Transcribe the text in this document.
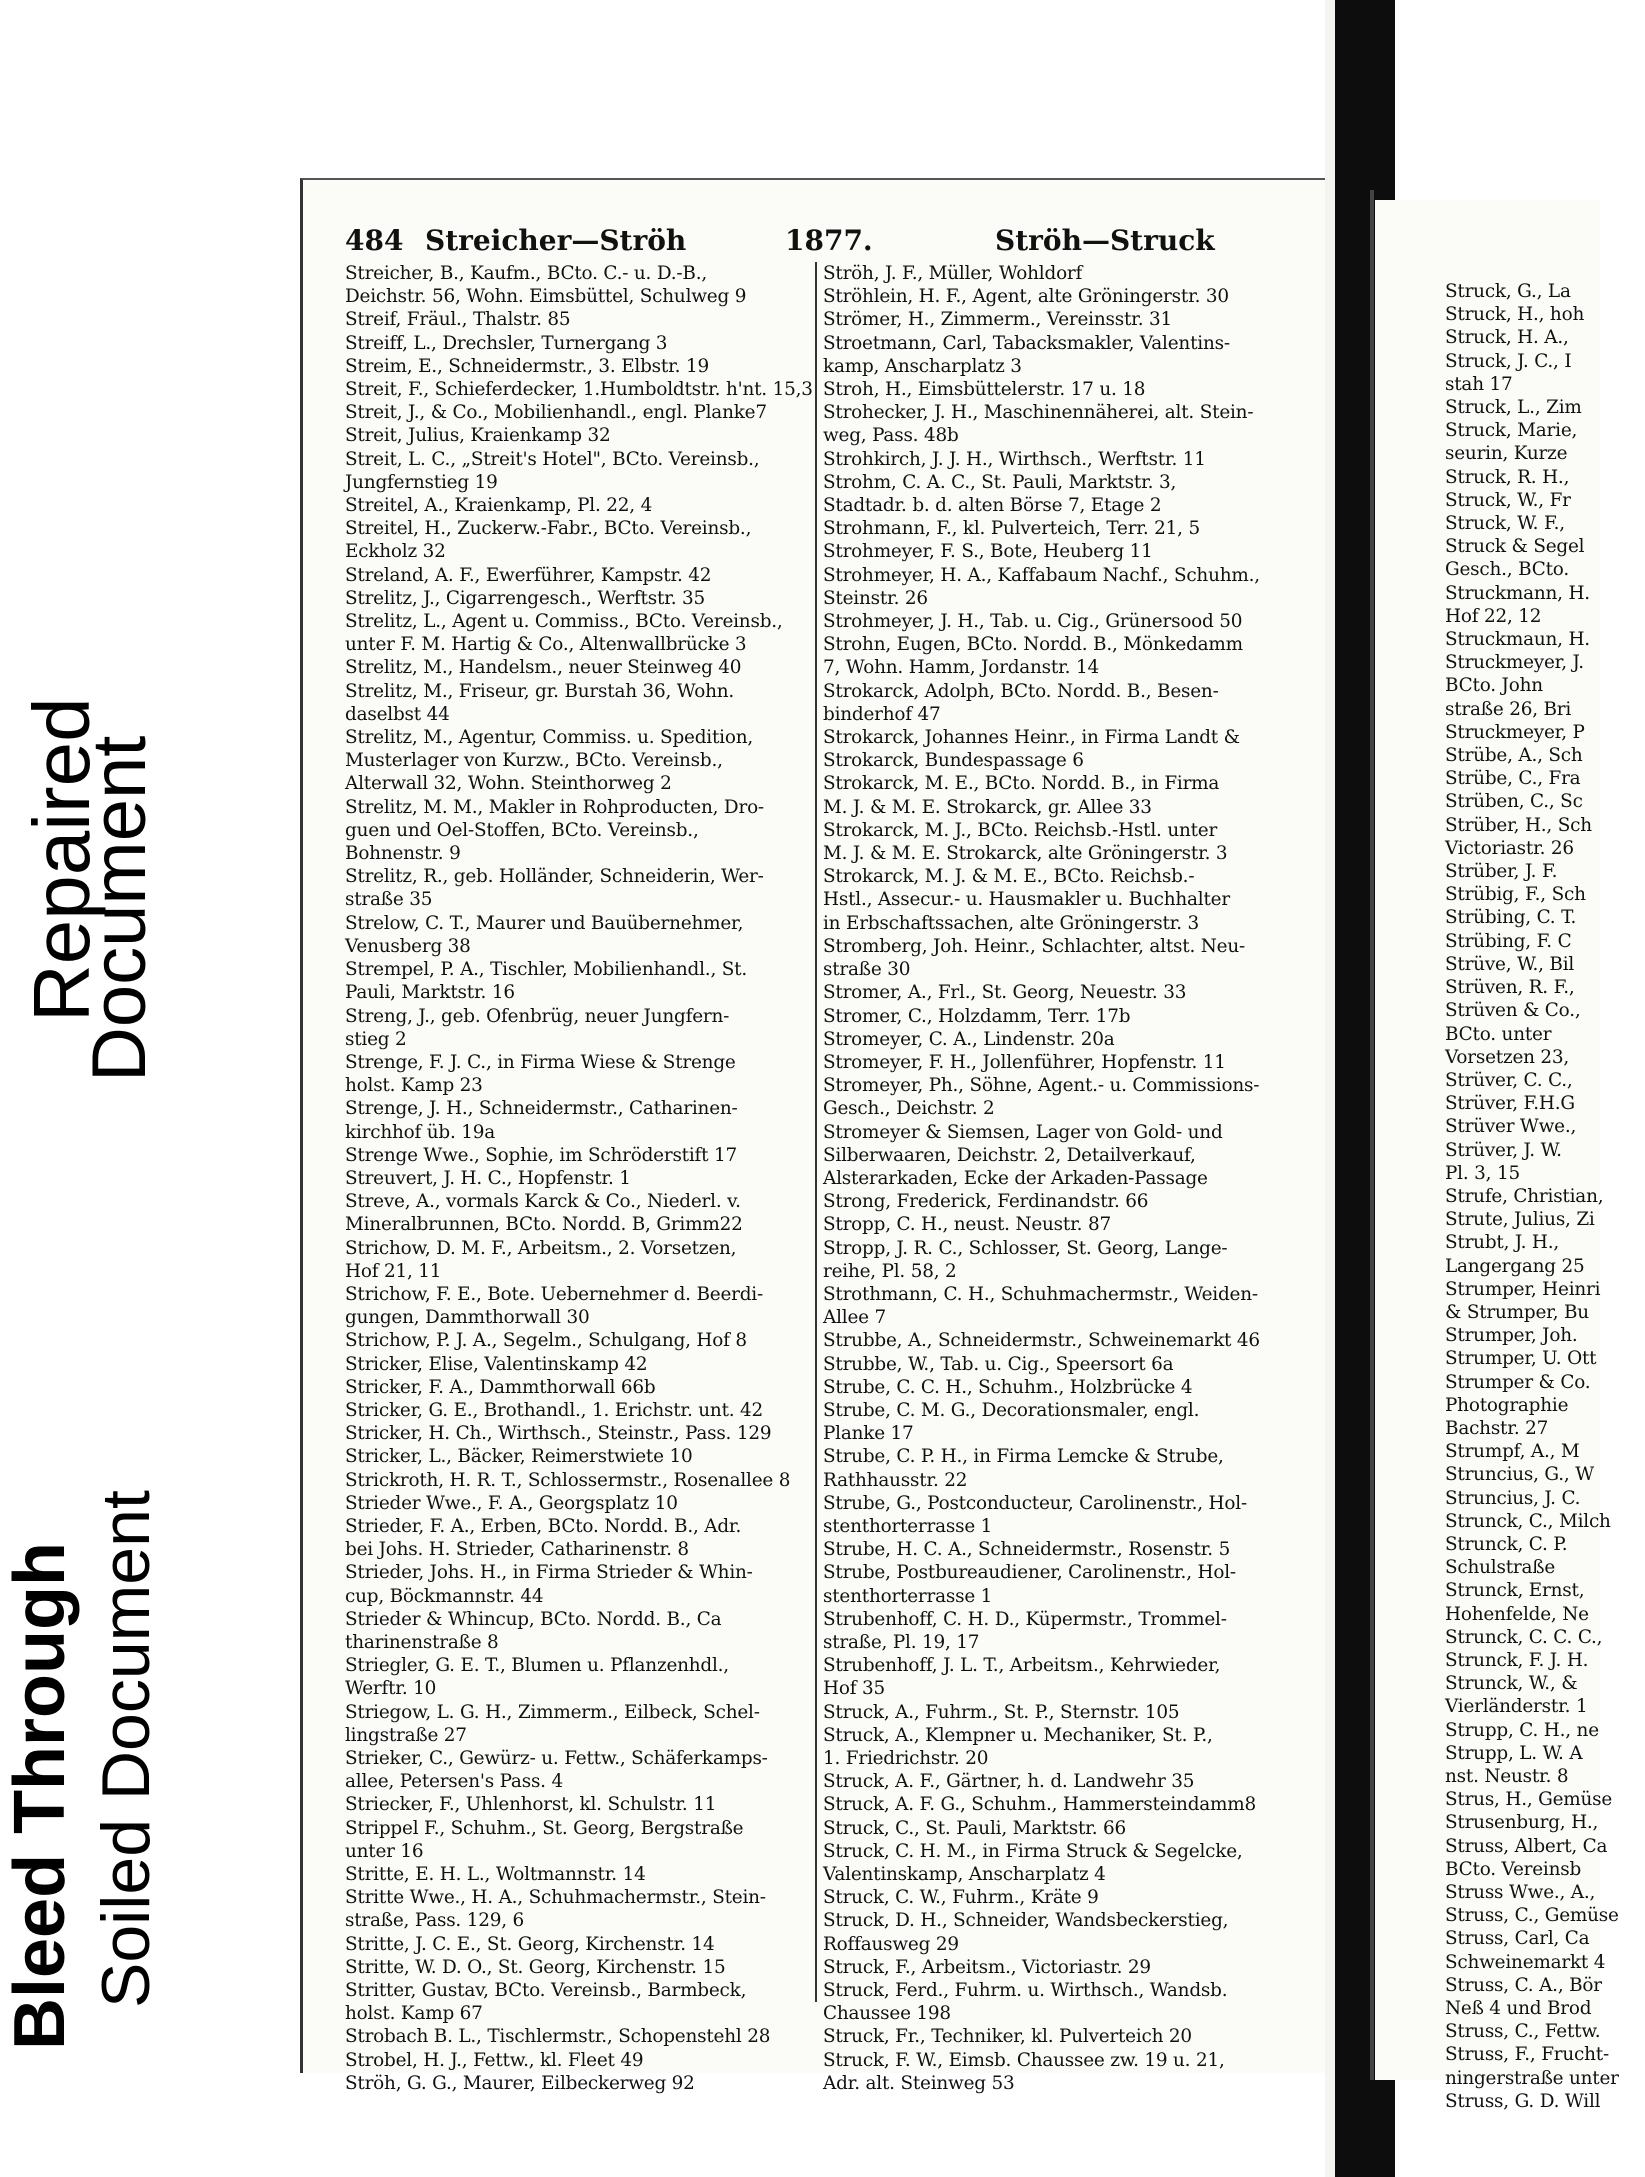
Repaired
Document
Bleed Through Soiled Document
484 Streicher—Ströh	1877.	Ströh—Struck
Streicher, B., Kaufm., BCto. C.- u. D.-B.,
Deichstr. 56, Wohn. Eimsbüttel, Schulweg 9
Streif, Fräul., Thalstr. 85
Streiff, L., Drechsler, Turnergang 3
Streim, E., Schneidermstr., 3. Elbstr. 19
Streit, F., Schieferdecker, 1.Humboldtstr. h'nt. 15,3
Streit, J., & Co., Mobilienhandl., engl. Planke7
Streit, Julius, Kraienkamp 32
Streit, L. C., „Streit's Hotel", BCto. Vereinsb.,
Jungfernstieg 19
Streitel, A., Kraienkamp, Pl. 22, 4
Streitel, H., Zuckerw.-Fabr., BCto. Vereinsb.,
Eckholz 32
Streland, A. F., Ewerführer, Kampstr. 42
Strelitz, J., Cigarrengesch., Werftstr. 35
Strelitz, L., Agent u. Commiss., BCto. Vereinsb.,
unter F. M. Hartig & Co., Altenwallbrücke 3
Strelitz, M., Handelsm., neuer Steinweg 40
Strelitz, M., Friseur, gr. Burstah 36, Wohn.
daselbst 44
Strelitz, M., Agentur, Commiss. u. Spedition,
Musterlager von Kurzw., BCto. Vereinsb.,
Alterwall 32, Wohn. Steinthorweg 2
Strelitz, M. M., Makler in Rohproducten, Dro-
guen und Oel-Stoffen, BCto. Vereinsb.,
Bohnenstr. 9
Strelitz, R., geb. Holländer, Schneiderin, Wer-
straße 35
Strelow, C. T., Maurer und Bauübernehmer,
Venusberg 38
Strempel, P. A., Tischler, Mobilienhandl., St.
Pauli, Marktstr. 16
Streng, J., geb. Ofenbrüg, neuer Jungfern-
stieg 2
Strenge, F. J. C., in Firma Wiese & Strenge
holst. Kamp 23
Strenge, J. H., Schneidermstr., Catharinen-
kirchhof üb. 19a
Strenge Wwe., Sophie, im Schröderstift 17
Streuvert, J. H. C., Hopfenstr. 1
Streve, A., vormals Karck & Co., Niederl. v.
Mineralbrunnen, BCto. Nordd. B, Grimm22
Strichow, D. M. F., Arbeitsm., 2. Vorsetzen,
Hof 21, 11
Strichow, F. E., Bote. Uebernehmer d. Beerdi-
gungen, Dammthorwall 30
Strichow, P. J. A., Segelm., Schulgang, Hof 8
Stricker, Elise, Valentinskamp 42
Stricker, F. A., Dammthorwall 66b
Stricker, G. E., Brothandl., 1. Erichstr. unt. 42
Stricker, H. Ch., Wirthsch., Steinstr., Pass. 129
Stricker, L., Bäcker, Reimerstwiete 10
Strickroth, H. R. T., Schlossermstr., Rosenallee 8
Strieder Wwe., F. A., Georgsplatz 10
Strieder, F. A., Erben, BCto. Nordd. B., Adr.
bei Johs. H. Strieder, Catharinenstr. 8
Strieder, Johs. H., in Firma Strieder & Whin-
cup, Böckmannstr. 44
Strieder & Whincup, BCto. Nordd. B., Ca
tharinenstraße 8
Striegler, G. E. T., Blumen u. Pflanzenhdl.,
Werftr. 10
Striegow, L. G. H., Zimmerm., Eilbeck, Schel-
lingstraße 27
Strieker, C., Gewürz- u. Fettw., Schäferkamps-
allee, Petersen's Pass. 4
Striecker, F., Uhlenhorst, kl. Schulstr. 11
Strippel F., Schuhm., St. Georg, Bergstraße
unter 16
Stritte, E. H. L., Woltmannstr. 14
Stritte Wwe., H. A., Schuhmachermstr., Stein-
straße, Pass. 129, 6
Stritte, J. C. E., St. Georg, Kirchenstr. 14
Stritte, W. D. O., St. Georg, Kirchenstr. 15
Stritter, Gustav, BCto. Vereinsb., Barmbeck,
holst. Kamp 67
Strobach B. L., Tischlermstr., Schopenstehl 28
Strobel, H. J., Fettw., kl. Fleet 49
Ströh, G. G., Maurer, Eilbeckerweg 92
Ströh, J. F., Müller, Wohldorf
Ströhlein, H. F., Agent, alte Gröningerstr. 30
Strömer, H., Zimmerm., Vereinsstr. 31
Stroetmann, Carl, Tabacksmakler, Valentins-
kamp, Anscharplatz 3
Stroh, H., Eimsbüttelerstr. 17 u. 18
Strohecker, J. H., Maschinennäherei, alt. Stein-
weg, Pass. 48b
Strohkirch, J. J. H., Wirthsch., Werftstr. 11
Strohm, C. A. C., St. Pauli, Marktstr. 3,
Stadtadr. b. d. alten Börse 7, Etage 2
Strohmann, F., kl. Pulverteich, Terr. 21, 5
Strohmeyer, F. S., Bote, Heuberg 11
Strohmeyer, H. A., Kaffabaum Nachf., Schuhm.,
Steinstr. 26
Strohmeyer, J. H., Tab. u. Cig., Grünersood 50
Strohn, Eugen, BCto. Nordd. B., Mönkedamm
7, Wohn. Hamm, Jordanstr. 14
Strokarck, Adolph, BCto. Nordd. B., Besen-
binderhof 47
Strokarck, Johannes Heinr., in Firma Landt &
Strokarck, Bundespassage 6
Strokarck, M. E., BCto. Nordd. B., in Firma
M. J. & M. E. Strokarck, gr. Allee 33
Strokarck, M. J., BCto. Reichsb.-Hstl. unter
M. J. & M. E. Strokarck, alte Gröningerstr. 3
Strokarck, M. J. & M. E., BCto. Reichsb.-
Hstl., Assecur.- u. Hausmakler u. Buchhalter
in Erbschaftssachen, alte Gröningerstr. 3
Stromberg, Joh. Heinr., Schlachter, altst. Neu-
straße 30
Stromer, A., Frl., St. Georg, Neuestr. 33
Stromer, C., Holzdamm, Terr. 17b
Stromeyer, C. A., Lindenstr. 20a
Stromeyer, F. H., Jollenführer, Hopfenstr. 11
Stromeyer, Ph., Söhne, Agent.- u. Commissions-
Gesch., Deichstr. 2
Stromeyer & Siemsen, Lager von Gold- und
Silberwaaren, Deichstr. 2, Detailverkauf,
Alsterarkaden, Ecke der Arkaden-Passage
Strong, Frederick, Ferdinandstr. 66
Stropp, C. H., neust. Neustr. 87
Stropp, J. R. C., Schlosser, St. Georg, Lange-
reihe, Pl. 58, 2
Strothmann, C. H., Schuhmachermstr., Weiden-
Allee 7
Strubbe, A., Schneidermstr., Schweinemarkt 46
Strubbe, W., Tab. u. Cig., Speersort 6a
Strube, C. C. H., Schuhm., Holzbrücke 4
Strube, C. M. G., Decorationsmaler, engl.
Planke 17
Strube, C. P. H., in Firma Lemcke & Strube,
Rathhausstr. 22
Strube, G., Postconducteur, Carolinenstr., Hol-
stenthorterrasse 1
Strube, H. C. A., Schneidermstr., Rosenstr. 5
Strube, Postbureaudiener, Carolinenstr., Hol-
stenthorterrasse 1
Strubenhoff, C. H. D., Küpermstr., Trommel-
straße, Pl. 19, 17
Strubenhoff, J. L. T., Arbeitsm., Kehrwieder,
Hof 35
Struck, A., Fuhrm., St. P., Sternstr. 105
Struck, A., Klempner u. Mechaniker, St. P.,
1. Friedrichstr. 20
Struck, A. F., Gärtner, h. d. Landwehr 35
Struck, A. F. G., Schuhm., Hammersteindamm8
Struck, C., St. Pauli, Marktstr. 66
Struck, C. H. M., in Firma Struck & Segelcke,
Valentinskamp, Anscharplatz 4
Struck, C. W., Fuhrm., Kräte 9
Struck, D. H., Schneider, Wandsbeckerstieg,
Roffausweg 29
Struck, F., Arbeitsm., Victoriastr. 29
Struck, Ferd., Fuhrm. u. Wirthsch., Wandsb.
Chaussee 198
Struck, Fr., Techniker, kl. Pulverteich 20
Struck, F. W., Eimsb. Chaussee zw. 19 u. 21,
Adr. alt. Steinweg 53
Struck, G., La
Struck, H., hoh
Struck, H. A.,
Struck, J. C., I
stah 17
Struck, L., Zim
Struck, Marie,
seurin, Kurze
Struck, R. H.,
Struck, W., Fr
Struck, W. F.,
Struck & Segel
Gesch., BCto.
Struckmann, H.
Hof 22, 12
Struckmaun, H.
Struckmeyer, J.
BCto. John
straße 26, Bri
Struckmeyer, P
Strübe, A., Sch
Strübe, C., Fra
Strüben, C., Sc
Strüber, H., Sch
Victoriastr. 26
Strüber, J. F.
Strübig, F., Sch
Strübing, C. T.
Strübing, F. C
Strüve, W., Bil
Strüven, R. F.,
Strüven & Co.,
BCto. unter
Vorsetzen 23,
Strüver, C. C.,
Strüver, F.H.G
Strüver Wwe.,
Strüver, J. W.
Pl. 3, 15
Strufe, Christian,
Strute, Julius, Zi
Strubt, J. H.,
Langergang 25
Strumper, Heinri
& Strumper, Bu
Strumper, Joh.
Strumper, U. Ott
Strumper & Co.
Photographie
Bachstr. 27
Strumpf, A., M
Struncius, G., W
Struncius, J. C.
Strunck, C., Milch
Strunck, C. P.
Schulstraße
Strunck, Ernst,
Hohenfelde, Ne
Strunck, C. C. C.,
Strunck, F. J. H.
Strunck, W., &
Vierländerstr. 1
Strupp, C. H., ne
Strupp, L. W. A
nst. Neustr. 8
Strus, H., Gemüse
Strusenburg, H.,
Struss, Albert, Ca
BCto. Vereinsb
Struss Wwe., A.,
Struss, C., Gemüse
Struss, Carl, Ca
Schweinemarkt 4
Struss, C. A., Bör
Neß 4 und Brod
Struss, C., Fettw.
Struss, F., Frucht-
ningerstraße unter
Struss, G. D. Will
